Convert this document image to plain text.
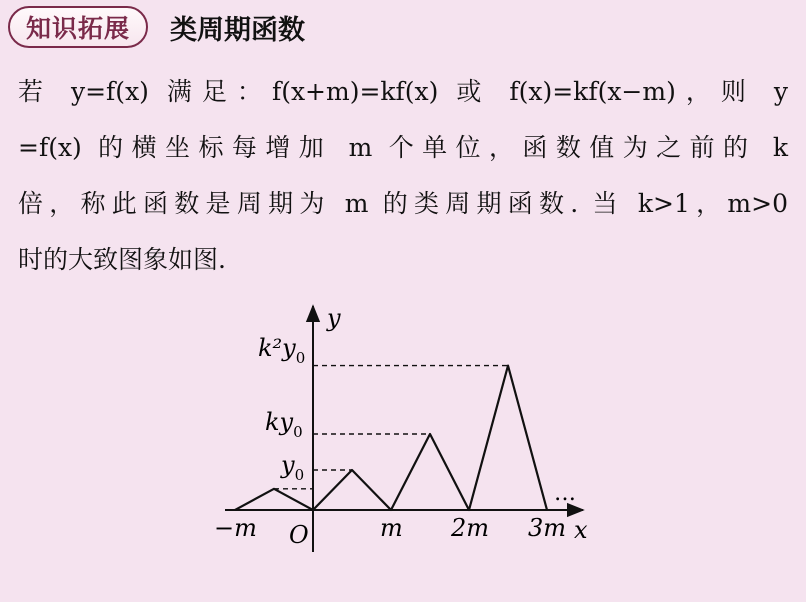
知识拓展	类周期函数
若 y=f(x) 满足：f(x+m)=kf(x) 或 f(x)=kf(x−m)，则 y
=f(x) 的横坐标每增加 m 个单位，函数值为之前的 k
倍，称此函数是周期为 m 的类周期函数. 当 k>1，m>0
时的大致图象如图.
y
x
O
…
−m	m 2m 3m
$y_0$
$ky_0$
$k^2y_0$
